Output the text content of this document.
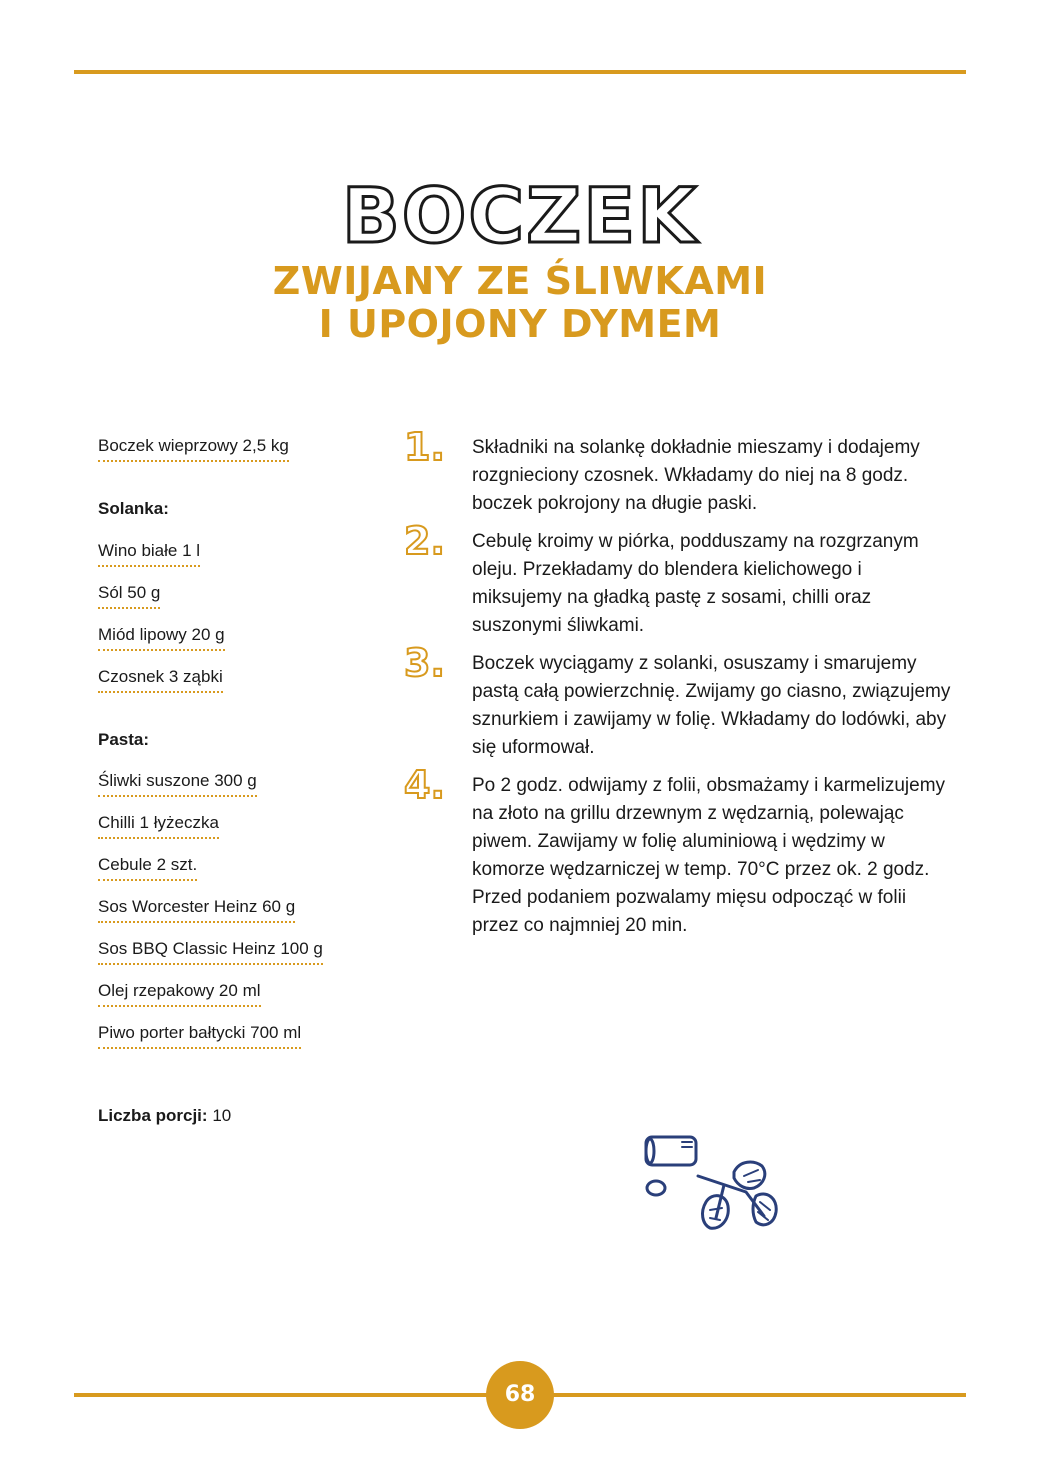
BOCZEK
ZWIJANY ZE ŚLIWKAMI
I UPOJONY DYMEM
Boczek wieprzowy 2,5 kg
Solanka:
Wino białe 1 l
Sól 50 g
Miód lipowy 20 g
Czosnek 3 ząbki
Pasta:
Śliwki suszone 300 g
Chilli 1 łyżeczka
Cebule 2 szt.
Sos Worcester Heinz 60 g
Sos BBQ Classic Heinz 100 g
Olej rzepakowy 20 ml
Piwo porter bałtycki 700 ml
1.	Składniki na solankę dokładnie mieszamy i dodajemy rozgnieciony czosnek. Wkładamy do niej na 8 godz. boczek pokrojony na długie paski.
2.	Cebulę kroimy w piórka, podduszamy na rozgrzanym oleju. Przekładamy do blendera kielichowego i miksujemy na gładką pastę z sosami, chilli oraz suszonymi śliwkami.
3.	Boczek wyciągamy z solanki, osuszamy i smarujemy pastą całą powierzchnię. Zwijamy go ciasno, związujemy sznurkiem i zawijamy w folię. Wkładamy do lodówki, aby się uformował.
4.	Po 2 godz. odwijamy z folii, obsmażamy i karmelizujemy na złoto na grillu drzewnym z wędzarnią, polewając piwem. Zawijamy w folię aluminiową i wędzimy w komorze wędzarniczej w temp. 70°C przez ok. 2 godz. Przed podaniem pozwalamy mięsu odpocząć w folii przez co najmniej 20 min.
Liczba porcji: 10
68
